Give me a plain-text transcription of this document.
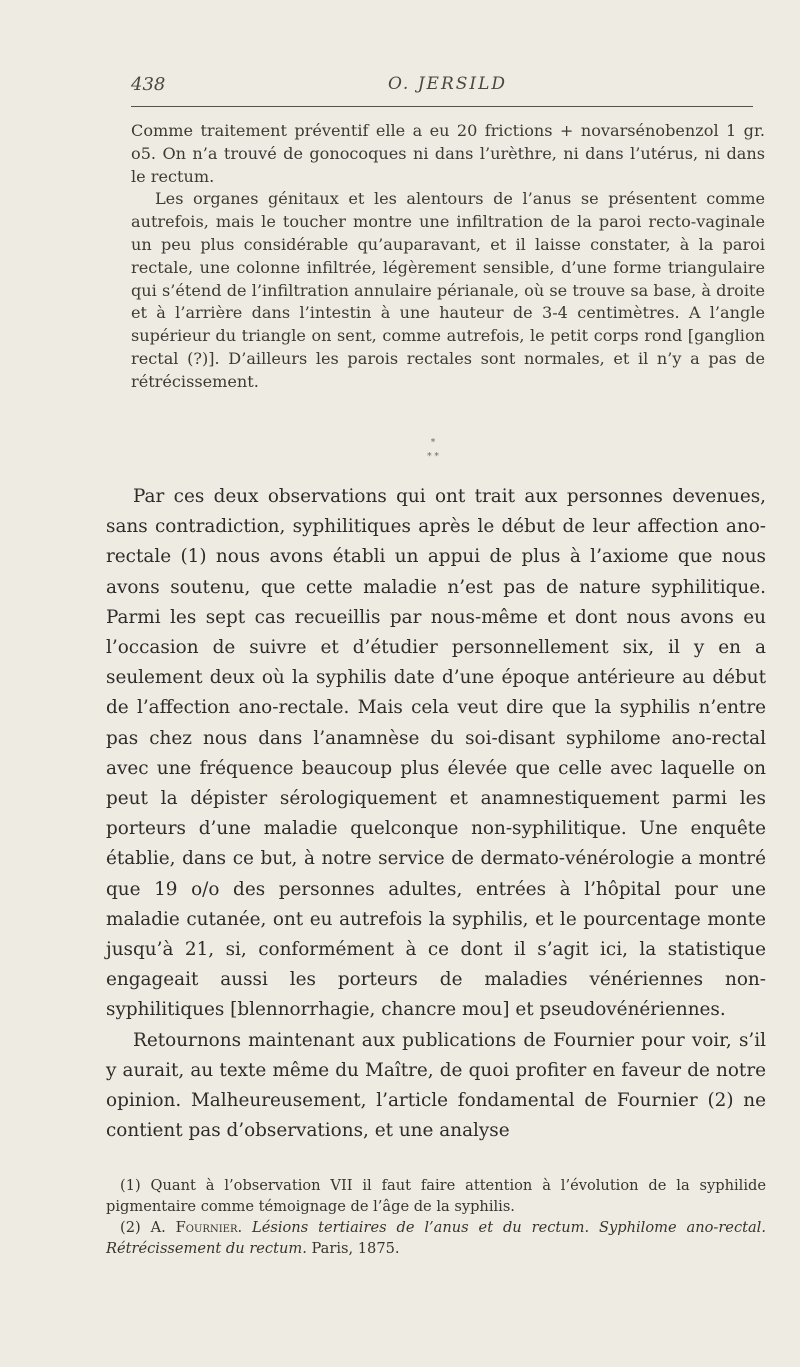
438	O. JERSILD

Comme traitement préventif elle a eu 20 frictions + novarsénobenzol 1 gr. o5. On n’a trouvé de gonocoques ni dans l’urèthre, ni dans l’utérus, ni dans le rectum.

Les organes génitaux et les alentours de l’anus se présentent comme autrefois, mais le toucher montre une infiltration de la paroi recto-vaginale un peu plus considérable qu’auparavant, et il laisse constater, à la paroi rectale, une colonne infiltrée, légèrement sensible, d’une forme triangulaire qui s’étend de l’infiltration annulaire périanale, où se trouve sa base, à droite et à l’arrière dans l’intestin à une hauteur de 3-4 centimètres. A l’angle supérieur du triangle on sent, comme autrefois, le petit corps rond [ganglion rectal (?)]. D’ailleurs les parois rectales sont normales, et il n’y a pas de rétrécissement.

*
* *

Par ces deux observations qui ont trait aux personnes devenues, sans contradiction, syphilitiques après le début de leur affection ano-rectale (1) nous avons établi un appui de plus à l’axiome que nous avons soutenu, que cette maladie n’est pas de nature syphilitique. Parmi les sept cas recueillis par nous-même et dont nous avons eu l’occasion de suivre et d’étudier personnellement six, il y en a seulement deux où la syphilis date d’une époque antérieure au début de l’affection ano-rectale. Mais cela veut dire que la syphilis n’entre pas chez nous dans l’anamnèse du soi-disant syphilome ano-rectal avec une fréquence beaucoup plus élevée que celle avec laquelle on peut la dépister sérologiquement et anamnestiquement parmi les porteurs d’une maladie quelconque non-syphilitique. Une enquête établie, dans ce but, à notre service de dermato-vénérologie a montré que 19 o/o des personnes adultes, entrées à l’hôpital pour une maladie cutanée, ont eu autrefois la syphilis, et le pourcentage monte jusqu’à 21, si, conformément à ce dont il s’agit ici, la statistique engageait aussi les porteurs de maladies vénériennes non-syphilitiques [blennorrhagie, chancre mou] et pseudovénériennes.

Retournons maintenant aux publications de Fournier pour voir, s’il y aurait, au texte même du Maître, de quoi profiter en faveur de notre opinion. Malheureusement, l’article fondamental de Fournier (2) ne contient pas d’observations, et une analyse

(1) Quant à l’observation VII il faut faire attention à l’évolution de la syphilide pigmentaire comme témoignage de l’âge de la syphilis.

(2) A. Fournier. Lésions tertiaires de l’anus et du rectum. Syphilome ano-rectal. Rétrécissement du rectum. Paris, 1875.
